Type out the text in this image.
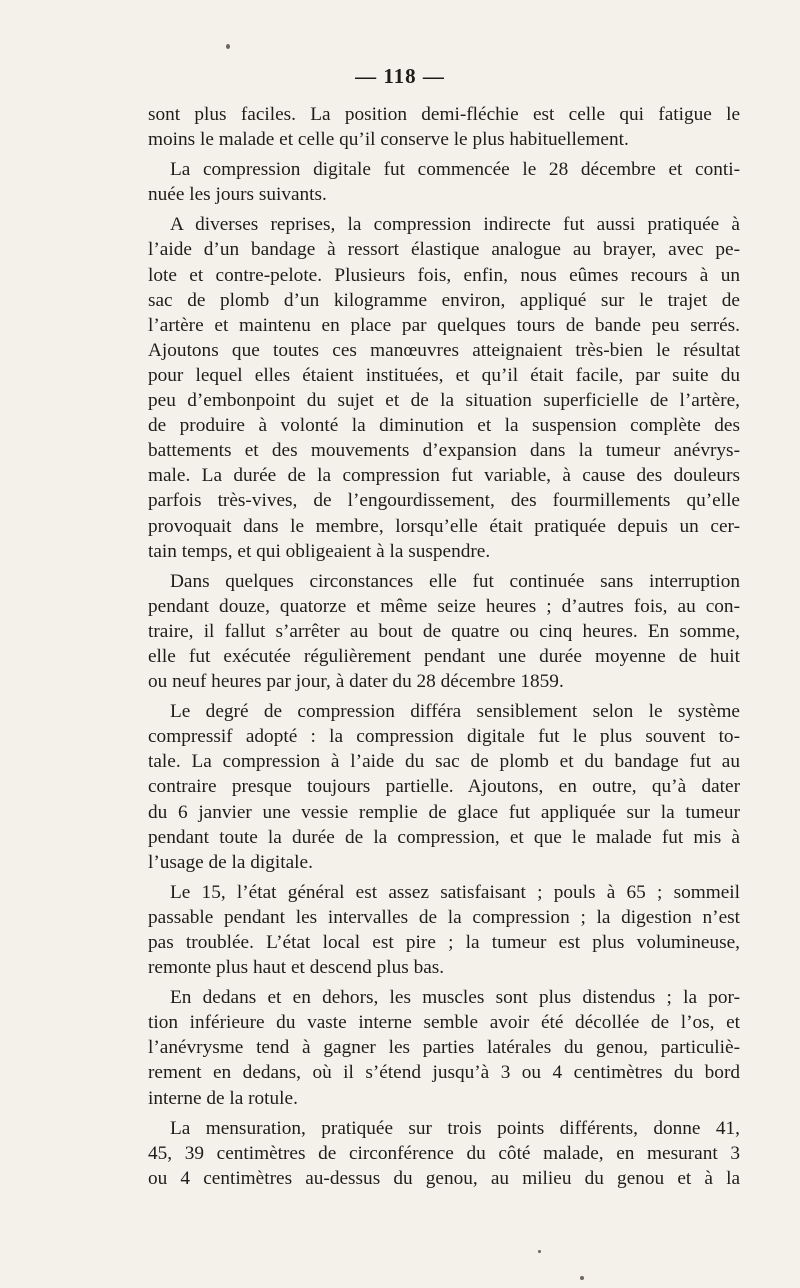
— 118 —
sont plus faciles. La position demi-fléchie est celle qui fatigue le
moins le malade et celle qu’il conserve le plus habituellement.
La compression digitale fut commencée le 28 décembre et conti-
nuée les jours suivants.
A diverses reprises, la compression indirecte fut aussi pratiquée à
l’aide d’un bandage à ressort élastique analogue au brayer, avec pe-
lote et contre-pelote. Plusieurs fois, enfin, nous eûmes recours à un
sac de plomb d’un kilogramme environ, appliqué sur le trajet de
l’artère et maintenu en place par quelques tours de bande peu serrés.
Ajoutons que toutes ces manœuvres atteignaient très-bien le résultat
pour lequel elles étaient instituées, et qu’il était facile, par suite du
peu d’embonpoint du sujet et de la situation superficielle de l’artère,
de produire à volonté la diminution et la suspension complète des
battements et des mouvements d’expansion dans la tumeur anévrys-
male. La durée de la compression fut variable, à cause des douleurs
parfois très-vives, de l’engourdissement, des fourmillements qu’elle
provoquait dans le membre, lorsqu’elle était pratiquée depuis un cer-
tain temps, et qui obligeaient à la suspendre.
Dans quelques circonstances elle fut continuée sans interruption
pendant douze, quatorze et même seize heures ; d’autres fois, au con-
traire, il fallut s’arrêter au bout de quatre ou cinq heures. En somme,
elle fut exécutée régulièrement pendant une durée moyenne de huit
ou neuf heures par jour, à dater du 28 décembre 1859.
Le degré de compression différa sensiblement selon le système
compressif adopté : la compression digitale fut le plus souvent to-
tale. La compression à l’aide du sac de plomb et du bandage fut au
contraire presque toujours partielle. Ajoutons, en outre, qu’à dater
du 6 janvier une vessie remplie de glace fut appliquée sur la tumeur
pendant toute la durée de la compression, et que le malade fut mis à
l’usage de la digitale.
Le 15, l’état général est assez satisfaisant ; pouls à 65 ; sommeil
passable pendant les intervalles de la compression ; la digestion n’est
pas troublée. L’état local est pire ; la tumeur est plus volumineuse,
remonte plus haut et descend plus bas.
En dedans et en dehors, les muscles sont plus distendus ; la por-
tion inférieure du vaste interne semble avoir été décollée de l’os, et
l’anévrysme tend à gagner les parties latérales du genou, particuliè-
rement en dedans, où il s’étend jusqu’à 3 ou 4 centimètres du bord
interne de la rotule.
La mensuration, pratiquée sur trois points différents, donne 41,
45, 39 centimètres de circonférence du côté malade, en mesurant 3
ou 4 centimètres au-dessus du genou, au milieu du genou et à la
